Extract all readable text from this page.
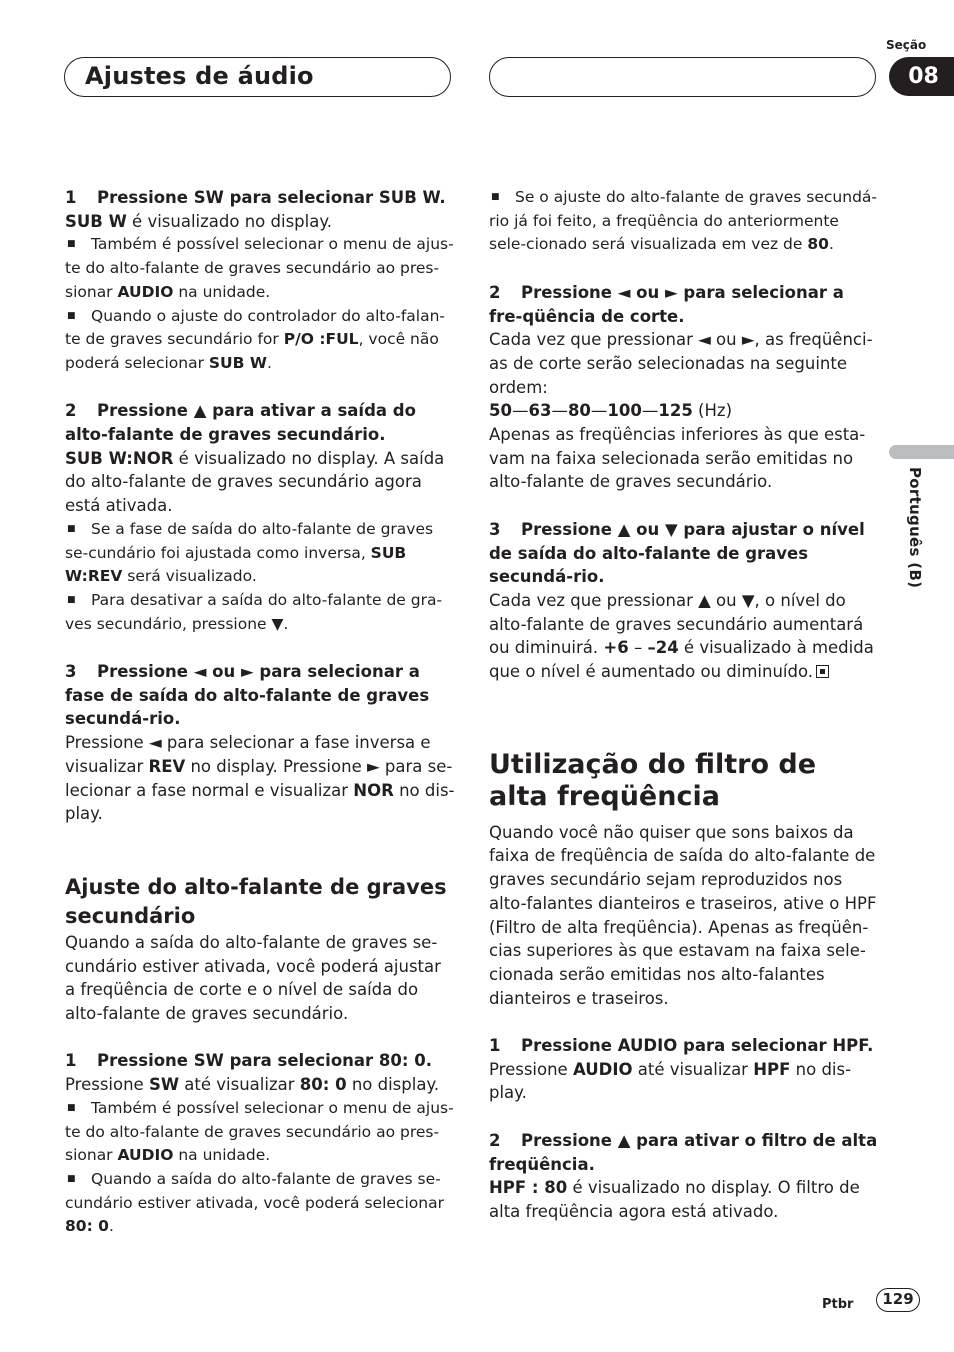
Ajustes de áudio
Seção
08
Português (B)

1 Pressione SW para selecionar SUB W.

SUB W é visualizado no display.

■ Também é possível selecionar o menu de ajus-te do alto-falante de graves secundário ao pres-sionar AUDIO na unidade.

■ Quando o ajuste do controlador do alto-falan-te de graves secundário for P/O :FUL, você não poderá selecionar SUB W.

2 Pressione ▲ para ativar a saída do alto-falante de graves secundário.

SUB W:NOR é visualizado no display. A saída do alto-falante de graves secundário agora está ativada.

■ Se a fase de saída do alto-falante de graves se-cundário foi ajustada como inversa, SUB W:REV será visualizado.

■ Para desativar a saída do alto-falante de gra-ves secundário, pressione ▼.

3 Pressione ◄ ou ► para selecionar a fase de saída do alto-falante de graves secundá-rio.

Pressione ◄ para selecionar a fase inversa e visualizar REV no display. Pressione ► para se-lecionar a fase normal e visualizar NOR no dis-play.

Ajuste do alto-falante de graves secundário

Quando a saída do alto-falante de graves se-cundário estiver ativada, você poderá ajustar a freqüência de corte e o nível de saída do alto-falante de graves secundário.

1 Pressione SW para selecionar 80: 0.

Pressione SW até visualizar 80: 0 no display.

■ Também é possível selecionar o menu de ajus-te do alto-falante de graves secundário ao pres-sionar AUDIO na unidade.

■ Quando a saída do alto-falante de graves se-cundário estiver ativada, você poderá selecionar 80: 0.

■ Se o ajuste do alto-falante de graves secundá-rio já foi feito, a freqüência do anteriormente sele-cionado será visualizada em vez de 80.

2 Pressione ◄ ou ► para selecionar a fre-qüência de corte.

Cada vez que pressionar ◄ ou ►, as freqüênci-as de corte serão selecionadas na seguinte ordem:

50—63—80—100—125 (Hz)

Apenas as freqüências inferiores às que esta-vam na faixa selecionada serão emitidas no alto-falante de graves secundário.

3 Pressione ▲ ou ▼ para ajustar o nível de saída do alto-falante de graves secundá-rio.

Cada vez que pressionar ▲ ou ▼, o nível do alto-falante de graves secundário aumentará ou diminuirá. +6 – –24 é visualizado à medida que o nível é aumentado ou diminuído.

Utilização do filtro de alta freqüência

Quando você não quiser que sons baixos da faixa de freqüência de saída do alto-falante de graves secundário sejam reproduzidos nos alto-falantes dianteiros e traseiros, ative o HPF (Filtro de alta freqüência). Apenas as freqüên-cias superiores às que estavam na faixa sele-cionada serão emitidas nos alto-falantes dianteiros e traseiros.

1 Pressione AUDIO para selecionar HPF.

Pressione AUDIO até visualizar HPF no dis-play.

2 Pressione ▲ para ativar o filtro de alta freqüência.

HPF : 80 é visualizado no display. O filtro de alta freqüência agora está ativado.

Ptbr	129
